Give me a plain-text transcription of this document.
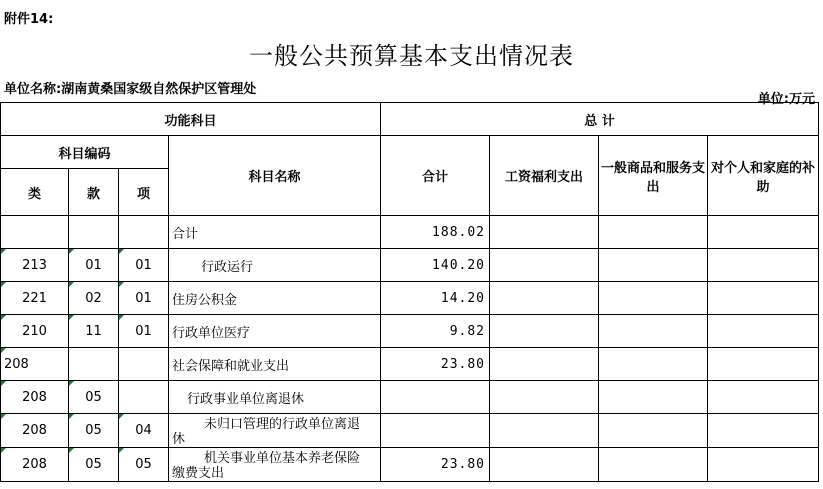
附件14:
一般公共预算基本支出情况表
单位名称:湖南黄桑国家级自然保护区管理处
单位:万元
功能科目				总 计			
科目编码			科目名称	合计	工资福利支出	一般商品和服务支出	对个人和家庭的补助
类	款	项					
			合计	188.02			
213	01	01	行政运行	140.20			
221	02	01	住房公积金	14.20			
210	11	01	行政单位医疗	9.82			
208			社会保障和就业支出	23.80			
208	05		行政事业单位离退休				
208	05	04	未归口管理的行政单位离退
休				

208	05	05	机关事业单位基本养老保险
缴费支出	23.80			
